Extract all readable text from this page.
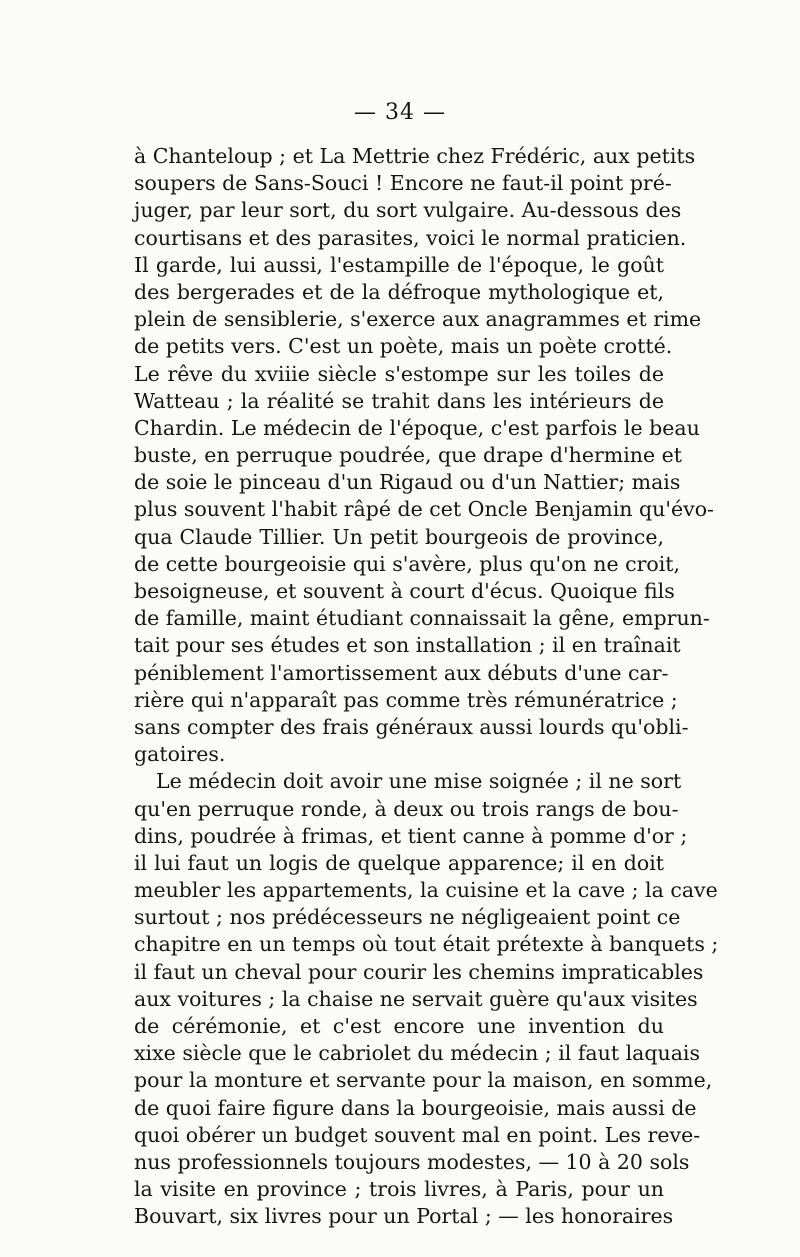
— 34 —
à Chanteloup ; et La Mettrie chez Frédéric, aux petits
soupers de Sans-Souci ! Encore ne faut-il point pré-
juger, par leur sort, du sort vulgaire. Au-dessous des
courtisans et des parasites, voici le normal praticien.
Il garde, lui aussi, l'estampille de l'époque, le goût
des bergerades et de la défroque mythologique et,
plein de sensiblerie, s'exerce aux anagrammes et rime
de petits vers. C'est un poète, mais un poète crotté.
Le rêve du xviiie siècle s'estompe sur les toiles de
Watteau ; la réalité se trahit dans les intérieurs de
Chardin. Le médecin de l'époque, c'est parfois le beau
buste, en perruque poudrée, que drape d'hermine et
de soie le pinceau d'un Rigaud ou d'un Nattier; mais
plus souvent l'habit râpé de cet Oncle Benjamin qu'évo-
qua Claude Tillier. Un petit bourgeois de province,
de cette bourgeoisie qui s'avère, plus qu'on ne croit,
besoigneuse, et souvent à court d'écus. Quoique fils
de famille, maint étudiant connaissait la gêne, emprun-
tait pour ses études et son installation ; il en traînait
péniblement l'amortissement aux débuts d'une car-
rière qui n'apparaît pas comme très rémunératrice ;
sans compter des frais généraux aussi lourds qu'obli-
gatoires.
Le médecin doit avoir une mise soignée ; il ne sort
qu'en perruque ronde, à deux ou trois rangs de bou-
dins, poudrée à frimas, et tient canne à pomme d'or ;
il lui faut un logis de quelque apparence; il en doit
meubler les appartements, la cuisine et la cave ; la cave
surtout ; nos prédécesseurs ne négligeaient point ce
chapitre en un temps où tout était prétexte à banquets ;
il faut un cheval pour courir les chemins impraticables
aux voitures ; la chaise ne servait guère qu'aux visites
de cérémonie, et c'est encore une invention du
xixe siècle que le cabriolet du médecin ; il faut laquais
pour la monture et servante pour la maison, en somme,
de quoi faire figure dans la bourgeoisie, mais aussi de
quoi obérer un budget souvent mal en point. Les reve-
nus professionnels toujours modestes, — 10 à 20 sols
la visite en province ; trois livres, à Paris, pour un
Bouvart, six livres pour un Portal ; — les honoraires
